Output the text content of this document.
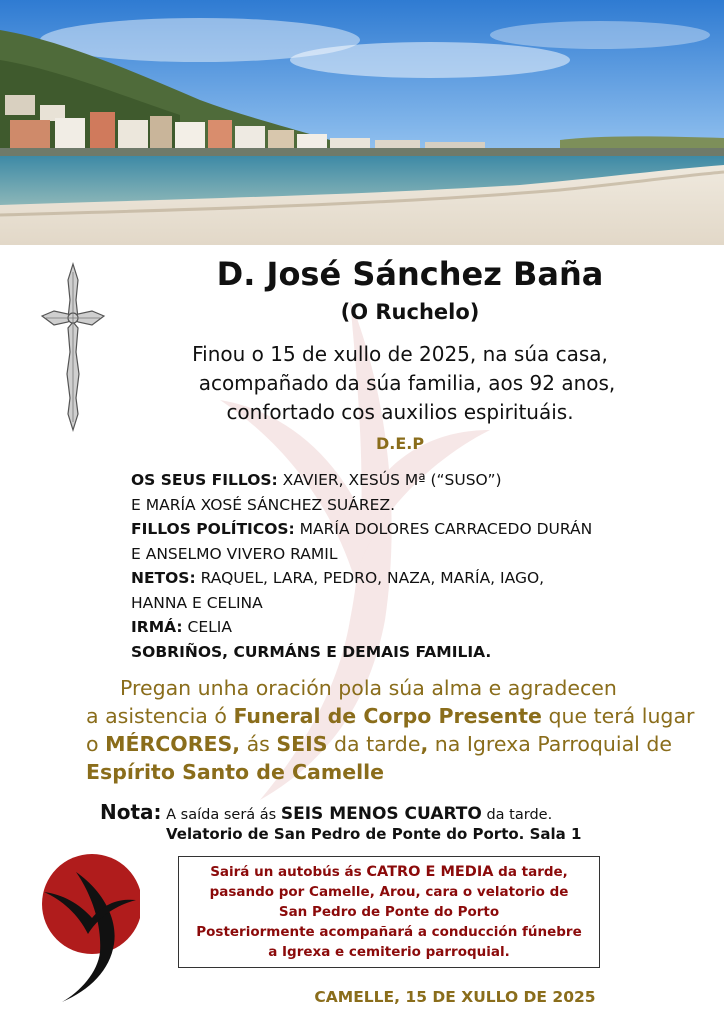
D. José Sánchez Baña
(O Ruchelo)
Finou o 15 de xullo de 2025, na súa casa,
acompañado da súa familia, aos 92 anos,
confortado cos auxilios espirituáis.
D.E.P
OS SEUS FILLOS: XAVIER, XESÚS Mª (“SUSO”)
E MARÍA XOSÉ SÁNCHEZ SUÁREZ.
FILLOS POLÍTICOS: MARÍA DOLORES CARRACEDO DURÁN
E ANSELMO VIVERO RAMIL
NETOS: RAQUEL, LARA, PEDRO, NAZA, MARÍA, IAGO,
HANNA E CELINA
IRMÁ: CELIA
SOBRIÑOS, CURMÁNS E DEMAIS FAMILIA.
Pregan unha oración pola súa alma e agradecen
a asistencia ó Funeral de Corpo Presente que terá lugar
o MÉRCORES, ás SEIS da tarde, na Igrexa Parroquial de
Espírito Santo de Camelle
Nota: A saída será ás SEIS MENOS CUARTO da tarde.
Velatorio de San Pedro de Ponte do Porto. Sala 1
Sairá un autobús ás CATRO E MEDIA da tarde,
pasando por Camelle, Arou, cara o velatorio de
San Pedro de Ponte do Porto
Posteriormente acompañará a conducción fúnebre
a Igrexa e cemiterio parroquial.
CAMELLE, 15 DE XULLO DE 2025
